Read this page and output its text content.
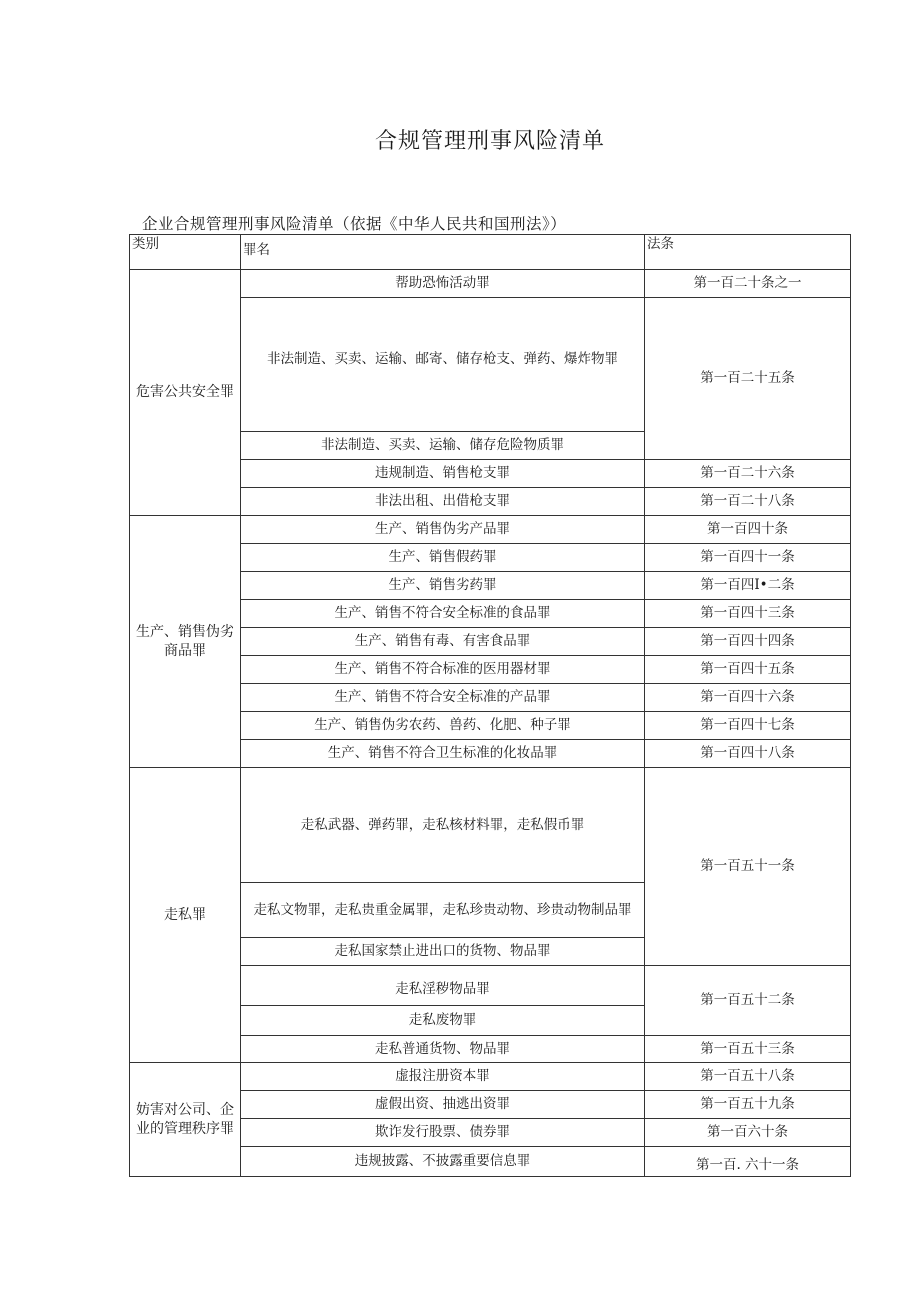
合规管理刑事风险清单
企业合规管理刑事风险清单（依据《中华人民共和国刑法》）
类别	罪名	法条
危害公共安全罪	帮助恐怖活动罪	第一百二十条之一
	非法制造、买卖、运输、邮寄、储存枪支、弹药、爆炸物罪	第一百二十五条
	非法制造、买卖、运输、储存危险物质罪	
	违规制造、销售枪支罪	第一百二十六条
	非法出租、出借枪支罪	第一百二十八条
生产、销售伪劣商品罪	生产、销售伪劣产品罪	第一百四十条
	生产、销售假药罪	第一百四十一条
	生产、销售劣药罪	第一百四Ⅰ•二条
	生产、销售不符合安全标准的食品罪	第一百四十三条
	生产、销售有毒、有害食品罪	第一百四十四条
	生产、销售不符合标准的医用器材罪	第一百四十五条
	生产、销售不符合安全标准的产品罪	第一百四十六条
	生产、销售伪劣农药、兽药、化肥、种子罪	第一百四十七条
	生产、销售不符合卫生标准的化妆品罪	第一百四十八条
走私罪	走私武器、弹药罪，走私核材料罪，走私假币罪	第一百五十一条
	走私文物罪，走私贵重金属罪，走私珍贵动物、珍贵动物制品罪	
	走私国家禁止进出口的货物、物品罪	
	走私淫秽物品罪	第一百五十二条
	走私废物罪	
	走私普通货物、物品罪	第一百五十三条
妨害对公司、企业的管理秩序罪	虚报注册资本罪	第一百五十八条
	虚假出资、抽逃出资罪	第一百五十九条
	欺诈发行股票、债券罪	第一百六十条
	违规披露、不披露重要信息罪	第一百. 六十一条
